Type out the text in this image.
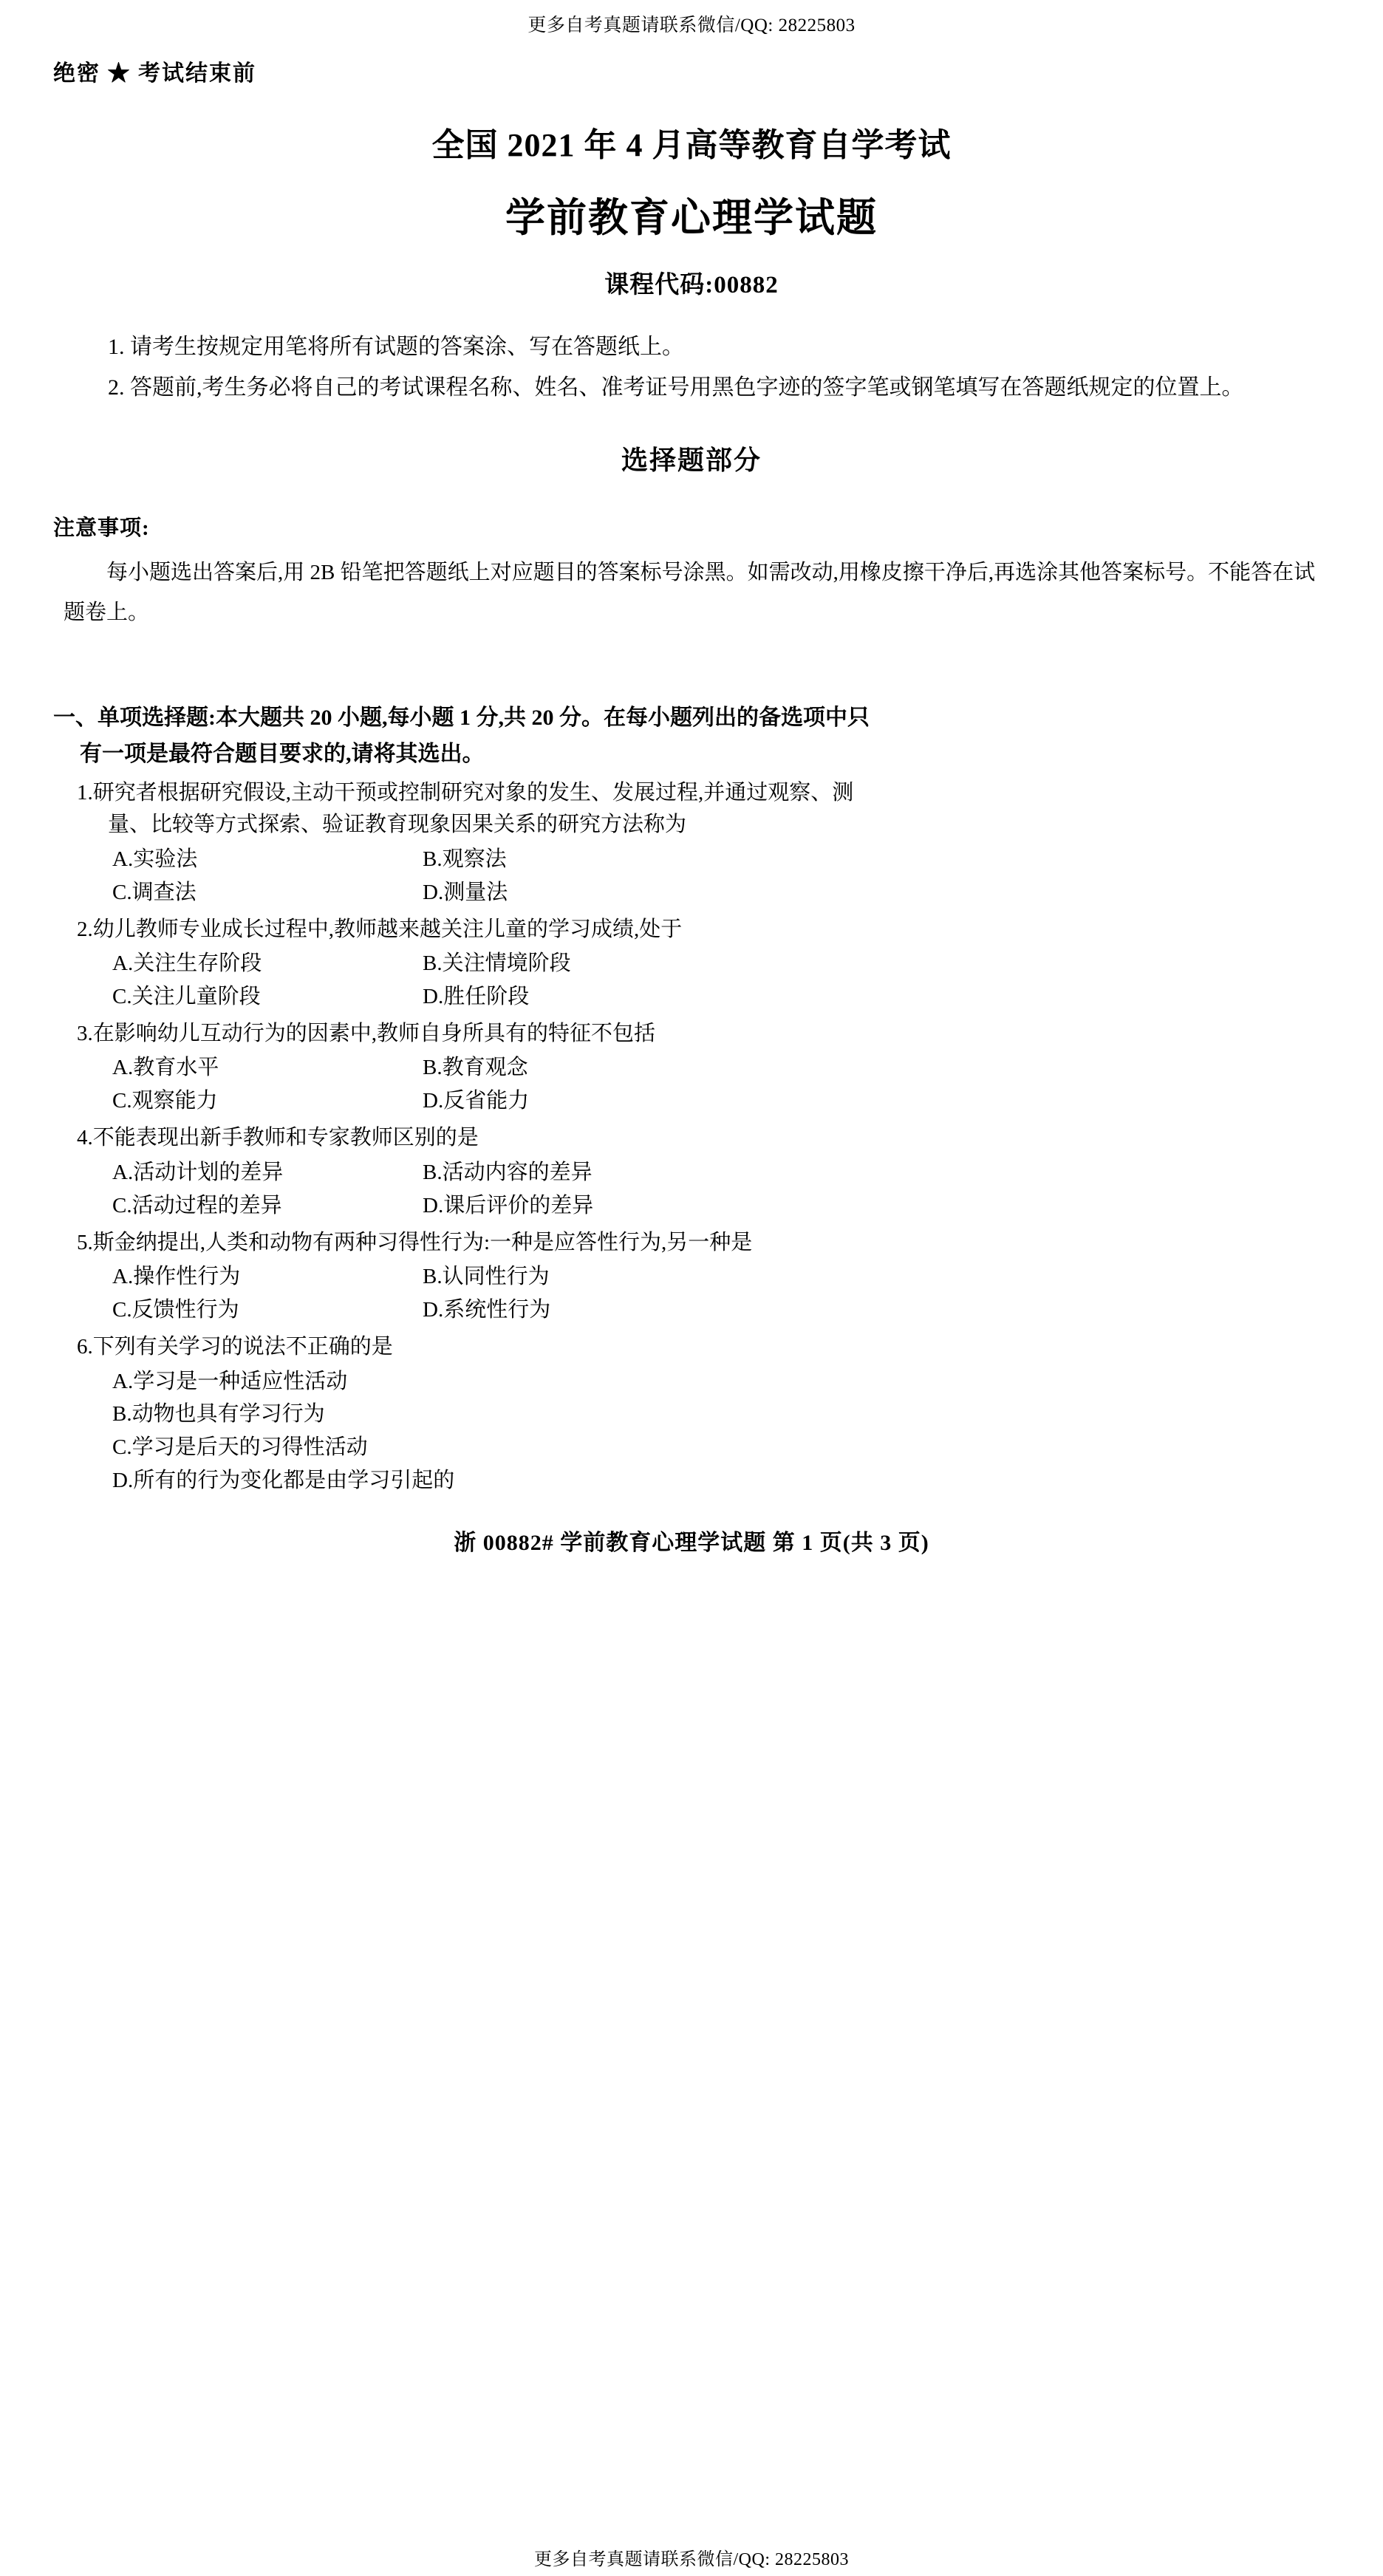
更多自考真题请联系微信/QQ: 28225803
绝密 ★ 考试结束前
全国 2021 年 4 月高等教育自学考试
学前教育心理学试题
课程代码:00882

1. 请考生按规定用笔将所有试题的答案涂、写在答题纸上。

2. 答题前,考生务必将自己的考试课程名称、姓名、准考证号用黑色字迹的签字笔或钢笔填写在答题纸规定的位置上。

选择题部分
注意事项:

每小题选出答案后,用 2B 铅笔把答题纸上对应题目的答案标号涂黑。如需改动,用橡皮擦干净后,再选涂其他答案标号。不能答在试题卷上。

一、单项选择题:本大题共 20 小题,每小题 1 分,共 20 分。在每小题列出的备选项中只
有一项是最符合题目要求的,请将其选出。
1.研究者根据研究假设,主动干预或控制研究对象的发生、发展过程,并通过观察、测
量、比较等方式探索、验证教育现象因果关系的研究方法称为
A.实验法	B.观察法
C.调查法	D.测量法
2.幼儿教师专业成长过程中,教师越来越关注儿童的学习成绩,处于
A.关注生存阶段	B.关注情境阶段
C.关注儿童阶段	D.胜任阶段
3.在影响幼儿互动行为的因素中,教师自身所具有的特征不包括
A.教育水平	B.教育观念
C.观察能力	D.反省能力
4.不能表现出新手教师和专家教师区别的是
A.活动计划的差异	B.活动内容的差异
C.活动过程的差异	D.课后评价的差异
5.斯金纳提出,人类和动物有两种习得性行为:一种是应答性行为,另一种是
A.操作性行为	B.认同性行为
C.反馈性行为	D.系统性行为
6.下列有关学习的说法不正确的是
A.学习是一种适应性活动
B.动物也具有学习行为
C.学习是后天的习得性活动
D.所有的行为变化都是由学习引起的
浙 00882# 学前教育心理学试题 第 1 页(共 3 页)
更多自考真题请联系微信/QQ: 28225803
